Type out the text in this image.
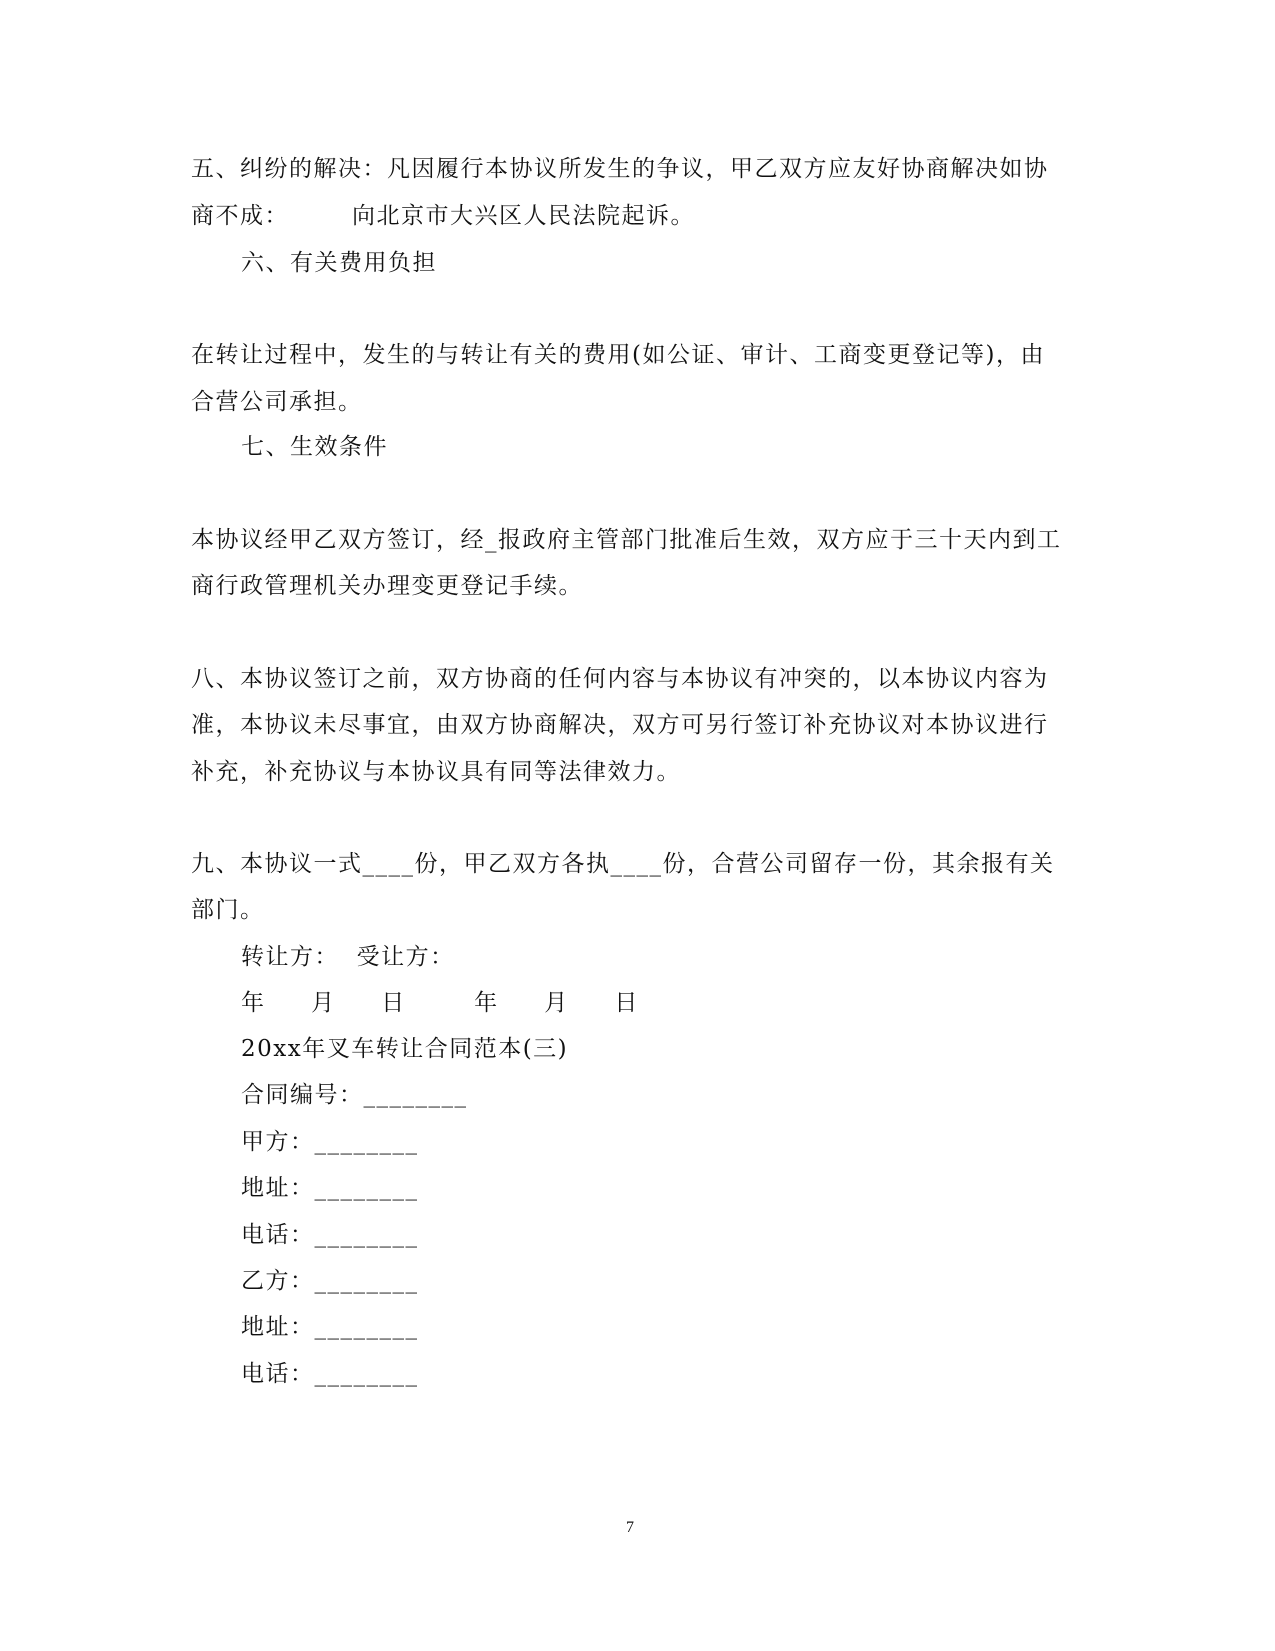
五、纠纷的解决：凡因履行本协议所发生的争议，甲乙双方应友好协商解决如协
商不成：	向北京市大兴区人民法院起诉。
六、有关费用负担
在转让过程中，发生的与转让有关的费用(如公证、审计、工商变更登记等)，由
合营公司承担。
七、生效条件
本协议经甲乙双方签订，经_报政府主管部门批准后生效，双方应于三十天内到工
商行政管理机关办理变更登记手续。
八、本协议签订之前，双方协商的任何内容与本协议有冲突的，以本协议内容为
准，本协议未尽事宜，由双方协商解决，双方可另行签订补充协议对本协议进行
补充，补充协议与本协议具有同等法律效力。
九、本协议一式____份，甲乙双方各执____份，合营公司留存一份，其余报有关
部门。
转让方：  受让方：
年  月  日   年  月  日
20xx年叉车转让合同范本(三)
合同编号：________
甲方：________
地址：________
电话：________
乙方：________
地址：________
电话：________
7
